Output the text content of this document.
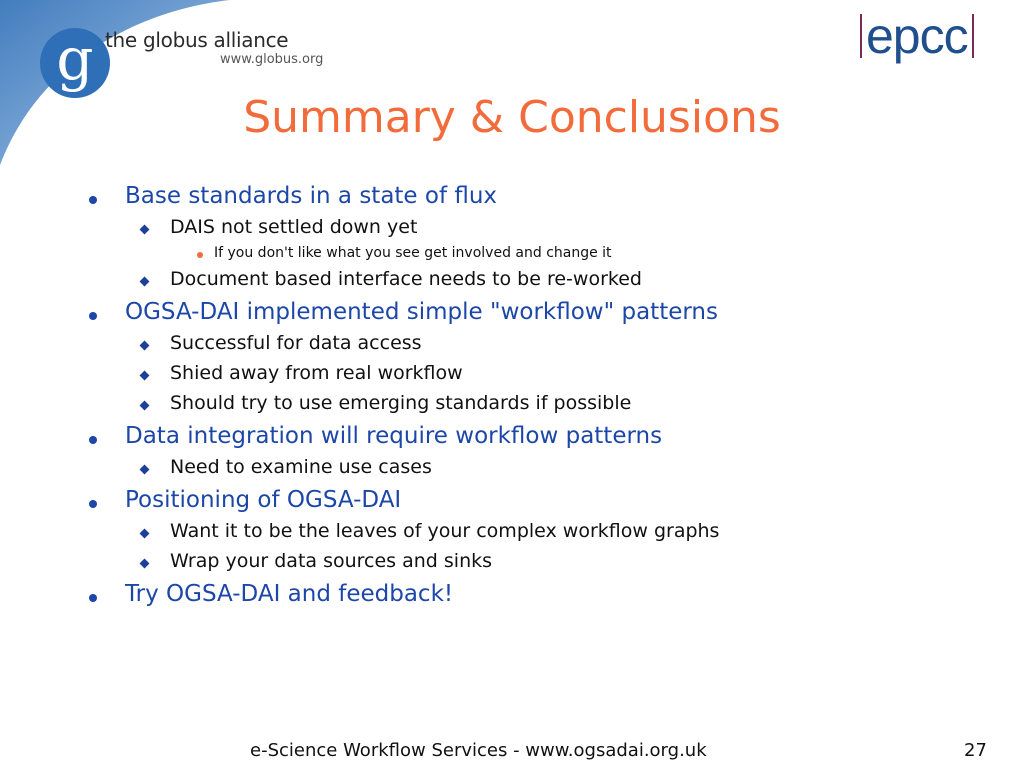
g the globus alliance
www.globus.org	epcc
Summary & Conclusions
Base standards in a state of flux
DAIS not settled down yet
If you don't like what you see get involved and change it
Document based interface needs to be re-worked
OGSA-DAI implemented simple "workflow" patterns
Successful for data access
Shied away from real workflow
Should try to use emerging standards if possible
Data integration will require workflow patterns
Need to examine use cases
Positioning of OGSA-DAI
Want it to be the leaves of your complex workflow graphs
Wrap your data sources and sinks
Try OGSA-DAI and feedback!
e-Science Workflow Services - www.ogsadai.org.uk	27
